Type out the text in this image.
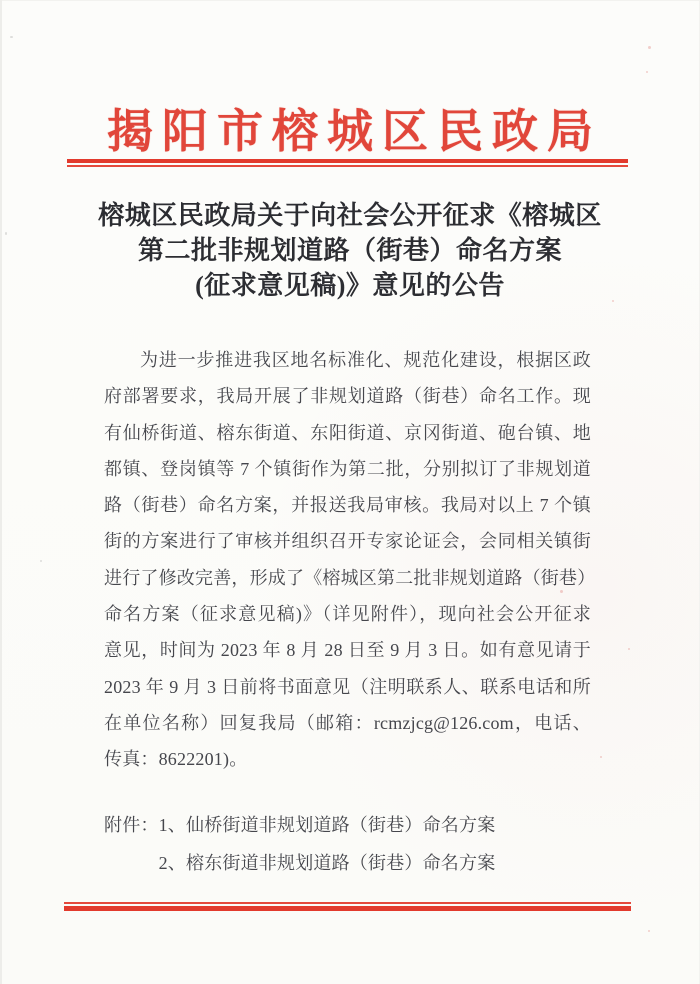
揭阳市榕城区民政局
榕城区民政局关于向社会公开征求《榕城区
第二批非规划道路（街巷）命名方案
(征求意见稿)》意见的公告
为进一步推进我区地名标准化、规范化建设，根据区政
府部署要求，我局开展了非规划道路（街巷）命名工作。现
有仙桥街道、榕东街道、东阳街道、京冈街道、砲台镇、地
都镇、登岗镇等 7 个镇街作为第二批，分别拟订了非规划道
路（街巷）命名方案，并报送我局审核。我局对以上 7 个镇
街的方案进行了审核并组织召开专家论证会，会同相关镇街
进行了修改完善，形成了《榕城区第二批非规划道路（街巷）
命名方案（征求意见稿)》（详见附件），现向社会公开征求
意见，时间为 2023 年 8 月 28 日至 9 月 3 日。如有意见请于
2023 年 9 月 3 日前将书面意见（注明联系人、联系电话和所
在单位名称）回复我局（邮箱：rcmzjcg@126.com，电话、
传真：8622201)。
附件：1、仙桥街道非规划道路（街巷）命名方案
2、榕东街道非规划道路（街巷）命名方案
